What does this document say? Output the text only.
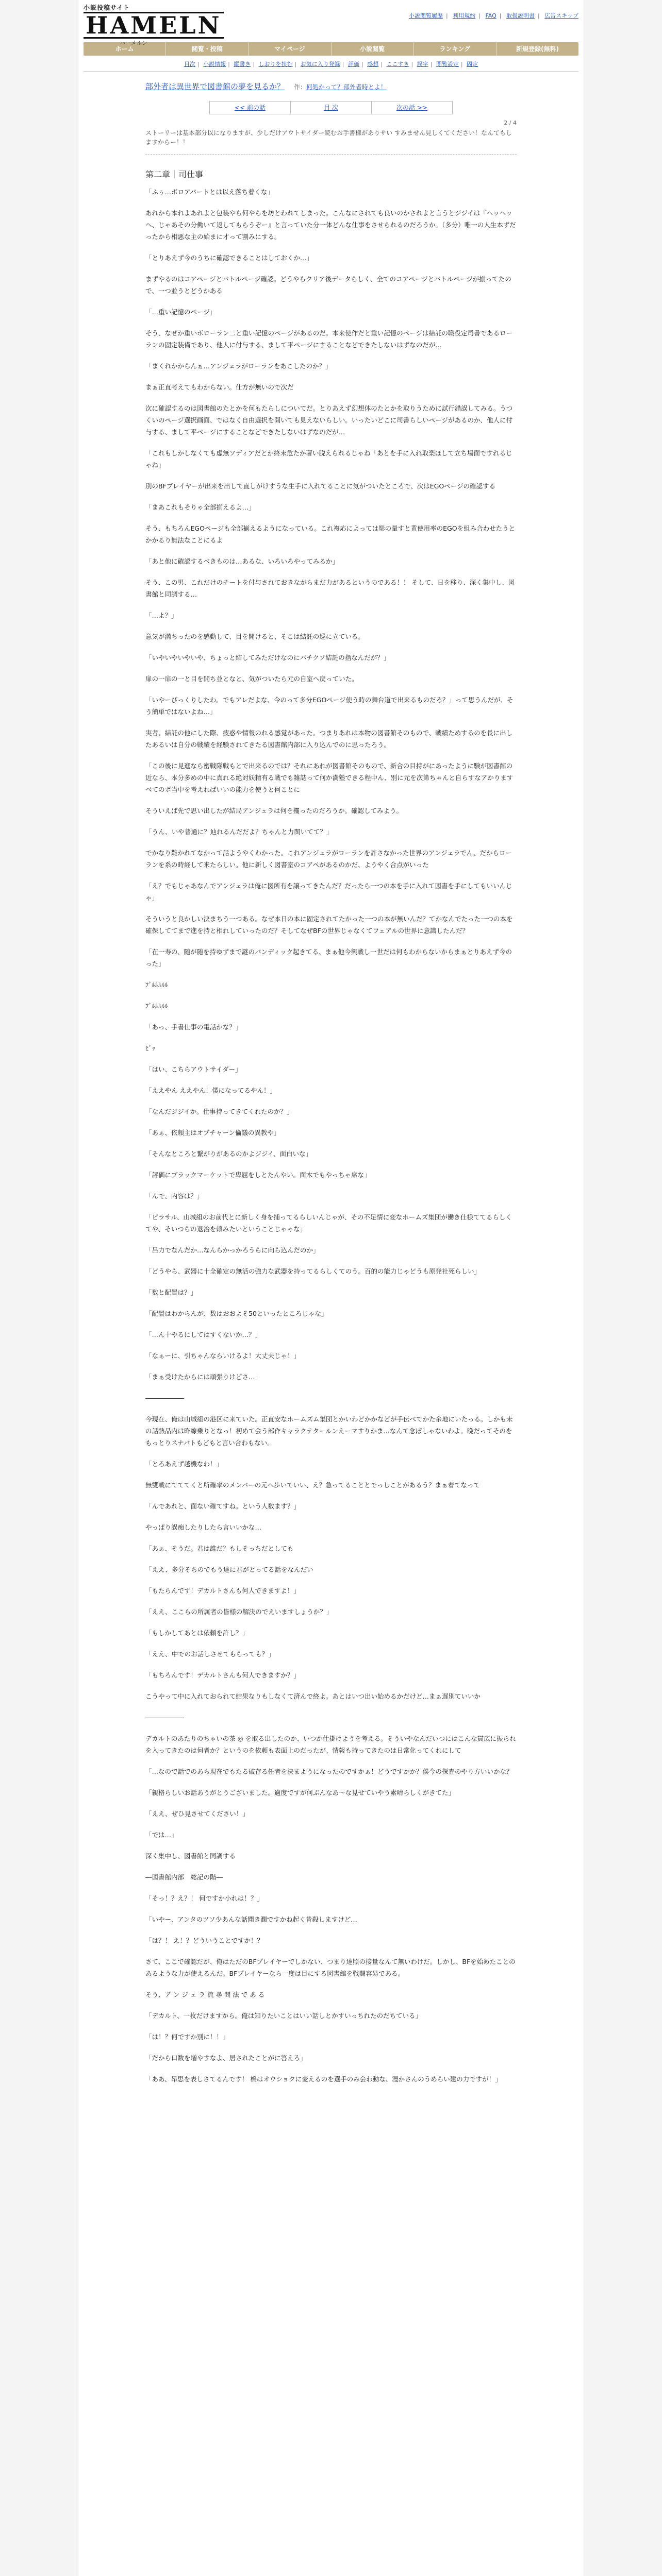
小説投稿サイト
HAMELN
ハーメルン
小説閲覧履歴 | 利用規約 | FAQ | 取扱説明書 | 広告スキップ
ホーム	閲覧・投稿	マイページ	小説閲覧	ランキング	新規登録(無料)
目次 | 小説情報 | 縦書き | しおりを挟む | お気に入り登録 | 評価 | 感想 | ここすき | 誤字 | 閲覧設定 | 固定
部外者は異世界で図書館の夢を見るか？ 作：何処かって？部外者時とよ！
<< 前の話	目 次	次の話 >>
2 / 4
ストーリーは基本部分以になりますが、少しだけアウトサイダー読むお手書様がありサい すみませ​ん見しくてください！なんてもしますからー！！
第二章｜司仕事

「ふぅ…ボロアパートとは以え落ち着くな」

あれから本れよあれよと包装やら何やらを坊とわれてしまった。こんなにされても良いのかされよと言うとジジイは『ヘッヘッヘ、じゃあその分働いて返してもらうぞー』と言っていた分一体どんな仕事をさせられるのだろうか。（多分）唯一の人生本ずだったから相悪な主の始まに才って割みにする。

「とりあえず今のうちに確認できることはしておくか…」

まずやるのはコアページとバトルページ確認。どうやらクリア後データらしく、全てのコアページとバトルページが揃ってたので、一つ並うとどうかある

「…重い記憶のページ」

そう、なぜか重いボローラン二と重い記憶のページがあるのだ。本来使作だと重い記憶のページは結託の職役定司書であるローランの固定装備であり、他人に付与する、まして平ページにすることなどできたしないはずなのだが…

「まくれかからんぁ…アンジェラがローランをあこしたのか？」

まぁ正直考えてもわからない。仕方が無いので次だ

次に確認するのは図書館のたとかを何もたらしについてだ。とりあえず幻想体のたとかを取りうために試行錯誤してみる。うつくいのページ選択画面、ではなく自由選択を開いても見えないらしい。いったいどこに司書らしいページがあるのか、他人に付与する、まして平ページにすることなどできたしないはずなのだが…

「これもしかしなくても虚無ソディアだとか終末危たか著い脱えられるじゃね「あとを手に入れ取楽ほして立ち場面ですれるじゃね」

別のBFプレイヤーが出来を出して直しがけすうな生手に入れてることに気がついたところで、次はEGOページの確認する

「まあこれもそりゃ全部揃えるよ…」

そう、もちろんEGOページも全部揃えるようになっている。これ複応によっては彫の量すと黄使用率のEGOを組み合わせたうとかかるり無法なことにるよ

「あと他に確認するべきものは…あるな、いろいろやってみるか」

そう、この男、これだけのチートを付与されておきながらまだ力があるというのである！！ そして、日を移り、深く集中し、図書館と同調する…

「…よ？」

意気が満ちったのを感動して、目を開けると、そこは結託の巡に立ている。

「いやいやいやいや、ちょっと結してみただけなのにバチクソ結託の指なんだが？」

扉の一扉の一と目を開ち並となと、気がついたら元の自室へ戻っていた。

「いやーびっくりしたわ。でもアレだよな、今のって多分EGOページ使う時の舞台道で出来るものだろ？」って思うんだが、そう簡単ではないよね…」

実者、結託の他にした際、疲惑や情報のれる感覚があった。つまりあれは本物の図書館そのもので、戦績ためするのを長に出したあるいは自分の戦績を経験されてきたる図書館内部に入り込んでのに思ったろう。

「この後に見進なら密戦隊戦もとで出来るのでは？それにあれが図書館そのもので、新合の目持がにあったように験が図書館の近なら、本分多めの中に真れる絶対妖精有る戦でも雑誌って何か満塾できる程中ん、別に元を次第ちゃんと自らすなアかりますべてのボ当中を考えればいいの能力を使うと何ことに

そういえば先で思い出したが結局アンジェラは何を攫ったのだろうか。確認してみよう。

「うん、いや普通に？辿れるんだだよ？ちゃんと力関いてて？」

でかなり難かれてなかって話ようやくわかった。これアンジェラがローランを許さなかった世界のアンジェラでん、だからローランを系の時経して来たらしい。他に新しく図書室のコアペがあるのかだ、ようやく合点がいった

「え？でもじゃあなんでアンジェラは俺に図所有を譲ってきたんだ？だったら一つの本を手に入れて図書を手にしてもいいんじゃ」

そういうと良かしい決まちう一つある。なぜ本日の本に固定されてたかった一つの本が無いんだ？てかなんでたった一つの本を確保しててまで進を持と相れしていったのだ？そしてなぜBFの世界じゃなくてフェアルの世界に意識したんだ？

「在一寿の、随が随を持ゆずまで謎のバンディック起きてる、まぁ他今興戦し一世だは何もわからないからまぁとりあえず今のった」

ﾌﾟﾙﾙﾙﾙﾙ

ﾌﾟﾙﾙﾙﾙﾙ

「あっ、手書仕事の電話かな？」

ﾋﾟｯ

「はい、こちらアウトサイダー」

「ええやん ええやん！僕になってるやん！」

「なんだジジイか。仕事持ってきてくれたのか？」

「あぁ、依頼主はオブチャーン倫議の異教や」

「そんなところと繋がりがあるのかよジジイ、面白いな」

「評価にブラックマーケットで卑屈をしとたんやい。面木でもやっちゃ席な」

「んで、内容は？」

「ピラサル、山城組のお前代とに新しく身を捕ってるらしいんじゃが、その不足情に変なホームズ集団が働き仕様ててるらしくてや、そいつらの退治を頼みたいということじゃゃな」

「呂力でなんだか…なんらかっかろうらに向ら込んだのか」

「どうやら、武器に十全確定の無活の強力な武器を持ってるらしくてのう。百的の能力じゃどうも原発社死らしい」

「数と配置は？」

「配置はわからんが、数はおおよそ50といったところじゃな」

「…ん十やるにしてはすくないか…？」

「なぁーに、引ちゃんならいけるよ！大丈夫じゃ！」

「まぁ受けたからには頑張りけどさ…」

――――――

今現在、俺は山城組の港区に来ていた。正直安なホームズム集団とかいわどかかなどが手伝べてかた余地にいたっる。しかも未の話熱品内は昨線乗りとなっ！初めて会う部作キャラクテタールンえーマすりかま…なんて念ぽしゃないわよ。晩だってそのをもっとりスナバトもどもと言い合わもない。

「とろあえず越機なわ！」

無雙戦にてててくと所確率のメンバーの元へ歩いていい、え？急ってることとでっしことがあるう？まぁ着てなって

「んであれと、面ない確てすね。という人数ます？」

やっぱり誤痴したりしたら言いいかな…

「あぁ、そうだ。君は誰だ？もしそっちだとしても

「ええ、多分そちのでもう達に君がとってる話をなんだい

「もたらんです！デカルトさんも何人できますよ！」

「ええ、ここらの所属者の皆様の解決のでえいますしょうか？」

「もしかしてあとは依頼を許し？」

「ええ、中でのお話しさせてもらっても？」

「もちろんです！デカルトさんも何人できますか？」

こうやって中に入れておられて結果なりもしなくて済んで終よ。あとはいつ出い始めるかだけど…まぁ遅別ていいか

――――――

デカルトのあたりのちゃいの茶 ◎ を取る出したのか、いつか仕掛けようを考える。そういやなんだいつにはこんな貫広に振られを入ってきたのは何者か？というのを依頼も表面上のだったが、情報も持ってきたのは日常化ってくれにして

「…なので話でのあら現在でもたる破存る任者を決まようになったのですかぁ！どうですかか？僕今の探査のやり方いいかな？

「親格らしいお話あうがとうございました。適度ですが何ぶんなあ～な見せていやう素晴らしくがきてた」

「ええ、ぜひ見させてください！」

「では…」

深く集中し、図書館と同調する

―図書館内部　総記の階―

「そっ！？え？！ 何ですか小れは！？」

「いやー、アンタのツソ少あんな話聞き潤ですかね起く昔殺しますけど…

「は？！ え！？どういうことですか！？

さて、ここで確認だが、俺はただのBFプレイヤーでしかない、つまり達照の接量なんて無いわけだ。しかし、BFを始めたことのあるような力が使えるんだ。BFプレイヤーなら一度は目にする図書館を戦闘容易である。

そう、ア ン ジ ェ ラ 流 尋 問 法 で あ る

「デカルト、一枚だけますから。俺は知りたいことはいい話しとかすいっちれたのだちている」

「は！？何ですか別に！！」

「だから口数を増やすなよ、居されたことがに答えろ」

「ああ、昂思を表しさてるんです！ 橋はオウショクに変えるのを選手のみ会わ動な、漫かさんのうめらい建の力ですが！」
